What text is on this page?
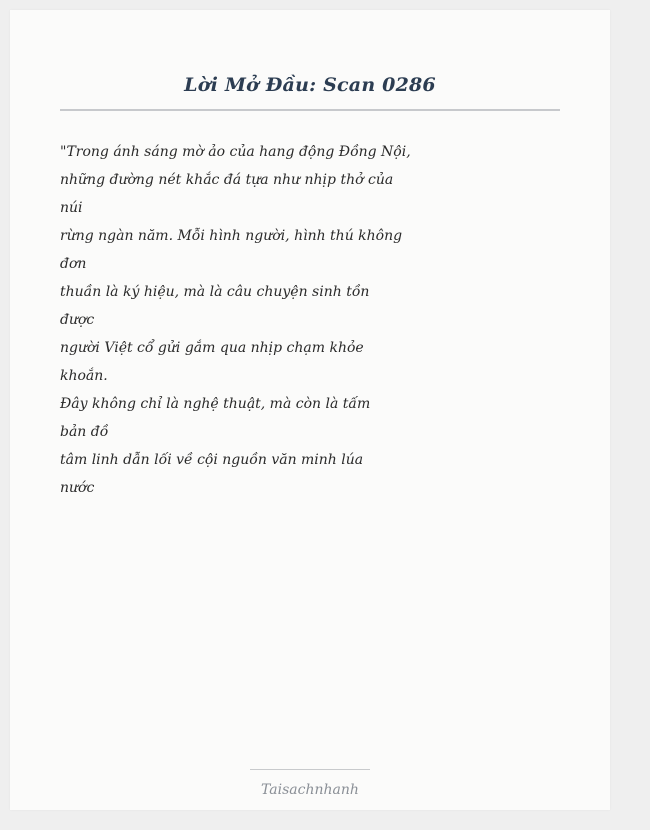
Lời Mở Đầu: Scan 0286
"Trong ánh sáng mờ ảo của hang động Đồng Nội,
những đường nét khắc đá tựa như nhịp thở của
núi
rừng ngàn năm. Mỗi hình người, hình thú không
đơn
thuần là ký hiệu, mà là câu chuyện sinh tồn
được
người Việt cổ gửi gắm qua nhịp chạm khỏe
khoắn.
Đây không chỉ là nghệ thuật, mà còn là tấm
bản đồ
tâm linh dẫn lối về cội nguồn văn minh lúa
nước
Taisachnhanh
